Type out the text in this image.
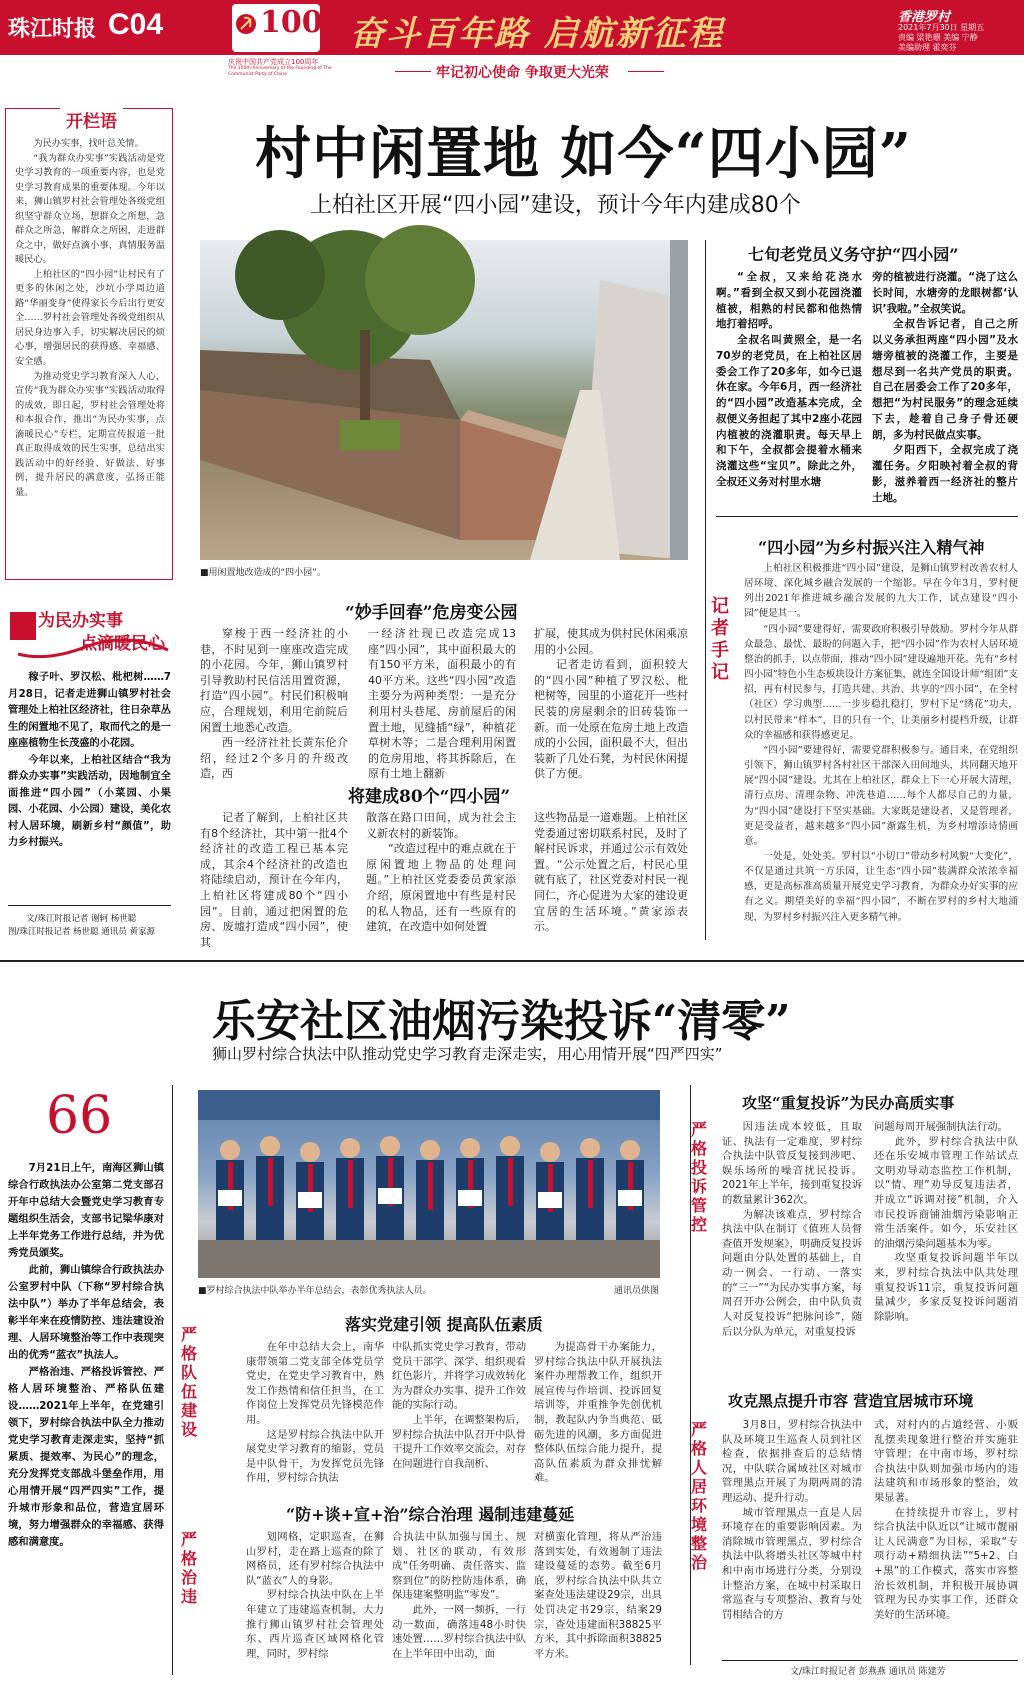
珠江时报 C04	100
庆祝中国共产党成立100周年
The 100th Anniversary of the Founding of The Communist Party of China
奋斗百年路 启航新征程
牢记初心使命 争取更大光荣
香港罗村
2021年7月30日 星期五
责编 梁艳珊 美编 宁静
美编助理 霍奕芬
村中闲置地 如今“四小园”
上柏社区开展“四小园”建设，预计今年内建成80个
开栏语

为民办实事，找叶总关情。

“我为群众办实事”实践活动是党史学习教育的一项重要内容，也是党史学习教育成果的重要体现。今年以来，狮山镇罗村社会管理处各级党组织坚守群众立场，想群众之所想，急群众之所急，解群众之所困，走进群众之中，做好点滴小事，真情服务温暖民心。

上柏社区的“四小园”让村民有了更多的休闲之处，沙坑小学周边道路“华丽变身”使得家长今后出行更安全……罗村社会管理处各级党组织从居民身边事入手，切实解决居民的烦心事，增强居民的获得感、幸福感、安全感。

为推动党史学习教育深入人心，宣传“我为群众办实事”实践活动取得的成效，即日起，罗村社会管理处将和本报合作，推出“为民办实事，点滴暖民心”专栏，定期宣传报道一批真正取得成效的民生实事，总结出实践活动中的好经验、好做法、好事例，提升居民的满意度，弘扬正能量。

为民办实事
点滴暖民心

稼子叶、罗汉松、枇杷树……7月28日，记者走进狮山镇罗村社会管理处上柏社区经济社，往日杂草丛生的闲置地不见了，取而代之的是一座座植物生长茂盛的小花园。

今年以来，上柏社区结合“我为群众办实事”实践活动，因地制宜全面推进“四小园”（小菜园、小果园、小花园、小公园）建设，美化农村人居环境，刷新乡村“颜值”，助力乡村振兴。

文/珠江时报记者 谢轲 杨世聪
图/珠江时报记者 杨世聪 通讯员 黄家源
■用闲置地改造成的“四小园”。
“妙手回春”危房变公园

穿梭于西一经济社的小巷，不时见到一座座改造完成的小花园。今年，狮山镇罗村引导教助村民信活用置资源，打造“四小园”。村民们积极响应，合理规划，利用宅前院后闲置土地悉心改造。

西一经济社社长黄东伦介绍，经过2个多月的升级改造，西

一经济社现已改造完成13座“四小园”，其中面积最大的有150平方米，面积最小的有40平方米。这些“四小园”改造主要分为两种类型：一是充分利用村头巷尾、房前屋后的闲置土地，见缝插“绿”，种植花草树木等；二是合理利用闲置的危房用地，将其拆除后，在原有土地上翻新

扩展，使其成为供村民休闲乘凉用的小公园。

记者走访看到，面积较大的“四小园”种植了罗汉松、枇杷树等，园里的小道花开一些村民装的房屋剩余的旧砖装饰一新。而一处原在危房土地上改造成的小公园，面积最不大，但出装新了几处石凳，为村民休闲提供了方便。

将建成80个“四小园”

记者了解到，上柏社区共有8个经济社，其中第一批4个经济社的改造工程已基本完成，其余4个经济社的改造也将陆续启动，预计在今年内，上柏社区将建成80个“四小园”。目前，通过把闲置的危房、废墟打造成“四小园”，使其

散落在路口田间，成为社会主义新农村的新装饰。

“改造过程中的难点就在于原闲置地上物品的处理问题。”上柏社区党委委员黄家添介绍，原闲置地中有些是村民的私人物品，还有一些原有的建筑，在改造中如何处置

这些物品是一道难题。上柏社区党委通过密切联系村民，及时了解村民诉求，并通过公示有效处置。“公示处置之后，村民心里就有底了，社区党委对村民一视同仁，齐心促进为大家的建设更宜居的生活环境。”黄家添表示。

七旬老党员义务守护“四小园”

“全叔，又来给花浇水啊。”看到全叔又到小花园浇灌植被，相熟的村民都和他热情地打着招呼。

全叔名叫黄照全，是一名70岁的老党员，在上柏社区居委会工作了20多年，如今已退休在家。今年6月，西一经济社的“四小园”改造基本完成，全叔便义务担起了其中2座小花园内植被的浇灌职责。每天早上和下午，全叔都会提着水桶来浇灌这些“宝贝”。除此之外，全叔还义务对村里水塘

旁的植被进行浇灌。“浇了这么长时间，水塘旁的龙眼树都‘认识’我啦。”全叔笑说。

全叔告诉记者，自己之所以义务承担两座“四小园”及水塘旁植被的浇灌工作，主要是想尽到一名共产党员的职责。自己在居委会工作了20多年，想把“为村民服务”的理念延续下去，趁着自己身子骨还硬朗，多为村民做点实事。

夕阳西下，全叔完成了浇灌任务。夕阳映衬着全叔的背影，滋养着西一经济社的整片土地。

记者手记
“四小园”为乡村振兴注入精气神

上柏社区积极推进“四小园”建设，是狮山镇罗村改善农村人居环境、深化城乡融合发展的一个缩影。早在今年3月，罗村便列出2021年推进城乡融合发展的九大工作，试点建设“四小园”便是其一。

“四小园”要建得好，需要政府积极引导鼓励。罗村今年从群众最急、最忧、最盼的问题入手，把“四小园”作为农村人居环境整治的抓手，以点带面，推动“四小园”建设遍地开花。先有“乡村四小园”特色小生态板块设计方案征集，就连全国设计师“组团”支招，再有村民参与，打造共建、共治、共享的“四小园”，在全村（社区）学习典型……一步步稳扎稳打，罗村下足“绣花”功夫，以村民带来“样本”，目的只有一个，让美丽乡村提档升级，让群众的幸福感和获得感更足。

“四小园”要建得好，需要党群积极参与。通目来，在党组织引领下，狮山镇罗村各村社区干部深入田间地头，共同翻天地开展“四小园”建设。尤其在上柏社区，群众上下一心开展大清理，清行点房、清理杂物、冲洗巷道……每个人都尽自己的力量，为“四小园”建设打下坚实基础。大家既是建设者，又是管理者，更是受益者，越来越多“四小园”渐露生机，为乡村增添诗情画意。

一处是，处处美。罗村以“小切口”带动乡村风貌“大变化”，不仅是通过共筑一方乐园，让生态“四小园”装满群众浓浓幸福感，更是高标准高质量开展党史学习教育，为群众办好实事的应有之义。期望美好的幸福“四小园”，不断在罗村的乡村大地涌现，为罗村乡村振兴注入更多精气神。

乐安社区油烟污染投诉“清零”
狮山罗村综合执法中队推动党史学习教育走深走实，用心用情开展“四严四实”
66

7月21日上午，南海区狮山镇综合行政执法办公室第二党支部召开年中总结大会暨党史学习教育专题组织生活会，支部书记梁华康对上半年党务工作进行总结，并为优秀党员颁奖。

此前，狮山镇综合行政执法办公室罗村中队（下称“罗村综合执法中队”）举办了半年总结会，表彰半年来在疫情防控、违法建设治理、人居环境整治等工作中表现突出的优秀“蓝衣”执法人。

严格治违、严格投诉管控、严格人居环境整治、严格队伍建设……2021年上半年，在党建引领下，罗村综合执法中队全力推动党史学习教育走深走实，坚持“抓紧质、提效率、为民心”的理念，充分发挥党支部战斗堡垒作用，用心用情开展“四严四实”工作，提升城市形象和品位，营造宜居环境，努力增强群众的幸福感、获得感和满意度。

■罗村综合执法中队举办半年总结会，表彰优秀执法人员。	通讯员供图
严格队伍建设
严格治违
严格投诉管控
严格人居环境整治
落实党建引领 提高队伍素质

在年中总结大会上，南华康带领第二党支部全体党员学党史，在党史学习教育中，熟发工作热情和信任担当，在工作岗位上发挥党员先锋模范作用。

这是罗村综合执法中队开展党史学习教育的缩影，党员是中队骨干，为发挥党员先锋作用，罗村综合执法

中队抓实党史学习教育，带动党员干部学、深学、组织观看红色影片，并将学习成效转化为为群众办实事、提升工作效能的实际行动。

上半年，在调整架构后，罗村综合执法中队召开中队骨干提升工作效率交流会，对存在问题进行自我剖析、

为提高骨干办案能力，罗村综合执法中队开展执法案件办理帮教工作，组织开展宣传与作培训、投诉回复培训等，并重推争先创优机制，教起队内争当典范、砥砺先进的风潮，多方面促进整体队伍综合能力提升，提高队伍素质为群众排忧解难。

“防+谈+宣+治”综合治理 遏制违建蔓延

划网格，定职巡查，在狮山罗村，走在路上巡查的除了网格员，还有罗村综合执法中队“蓝衣”人的身影。

罗村综合执法中队在上半年建立了违建巡查机制，大力推行狮山镇罗村社会管理处东、西片巡查区域网格化管理，同时，罗村综

合执法中队加强与国土、规划、社区的联动，有效形成“任务明确、责任落实、监察到位”的防控防违体系，确保违建案整明监“零发”。

此外，一网一频拆，一行动一数面，确落违48小时快速处置……罗村综合执法中队在上半年田中出动，面

对横蛮化管理，将从严治违落到实处，有效遏制了违法建设蔓延的态势。截至6月底，罗村综合执法中队共立案查处违法建设29宗，出具处罚决定书29宗，结案29宗，查处违建面积38825平方米，其中拆除面积38825平方米。

攻坚“重复投诉”为民办高质实事

因违法成本较低，且取证、执法有一定难度，罗村综合执法中队管反复接到涉吧、娱乐场所的噪音扰民投诉。2021年上半年，接到重复投诉的数量累计362次。

为解决该难点，罗村综合执法中队在制订《值班人员督查值开发规案》，明确反复投诉问题由分队处置的基础上，自动一例会、一行动、一落实的“三一”“为民办实事方案，每周召开办公例会，由中队负责人对反复投诉“把脉问诊”，随后以分队为单元，对重复投诉

问题每周开展强制执法行动。

此外，罗村综合执法中队还在乐安城市管理工作站试点文明劝导动态监控工作机制，以“情、理”劝导反复违法者，并成立“诉调对接”机制，介入市民投诉商铺油烟污染影响正常生活案件。如今，乐安社区的油烟污染问题基本为零。

攻坚重复投诉问题半年以来，罗村综合执法中队共处理重复投诉11宗，重复投诉问题量减少，多家反复投诉问题消除影响。

攻克黑点提升市容 营造宜居城市环境

3月8日，罗村综合执法中队及环境卫生巡查人员到社区检查，依据排查后的总结情况，中队联合属域社区对城市管理黑点开展了为期两周的清理运动、提升行动。

城市管理黑点一直是人居环境存在的重要影响因素。为消除城市管理黑点，罗村综合执法中队将增头社区等城中村和中南市场进行分类，分别设计整治方案，在城中村采取日常巡查与专项整治、教育与处罚相结合的方

式，对村内的占道经营、小贩乱摆卖现象进行整治并实施驻守管理；在中南市场，罗村综合执法中队则加强市场内的违法建筑和市场形象的整治，效果显著。

在持续提升市容上，罗村综合执法中队近以“让城市靓丽让人民满意”为目标，采取“专项行动+精细执法”“5+2、白+黑”的工作模式，落实市容整治长效机制，并积极开展协调管理为民办实事工作，还群众美好的生活环境。

文/珠江时报记者 彭燕燕 通讯员 陈建芳
